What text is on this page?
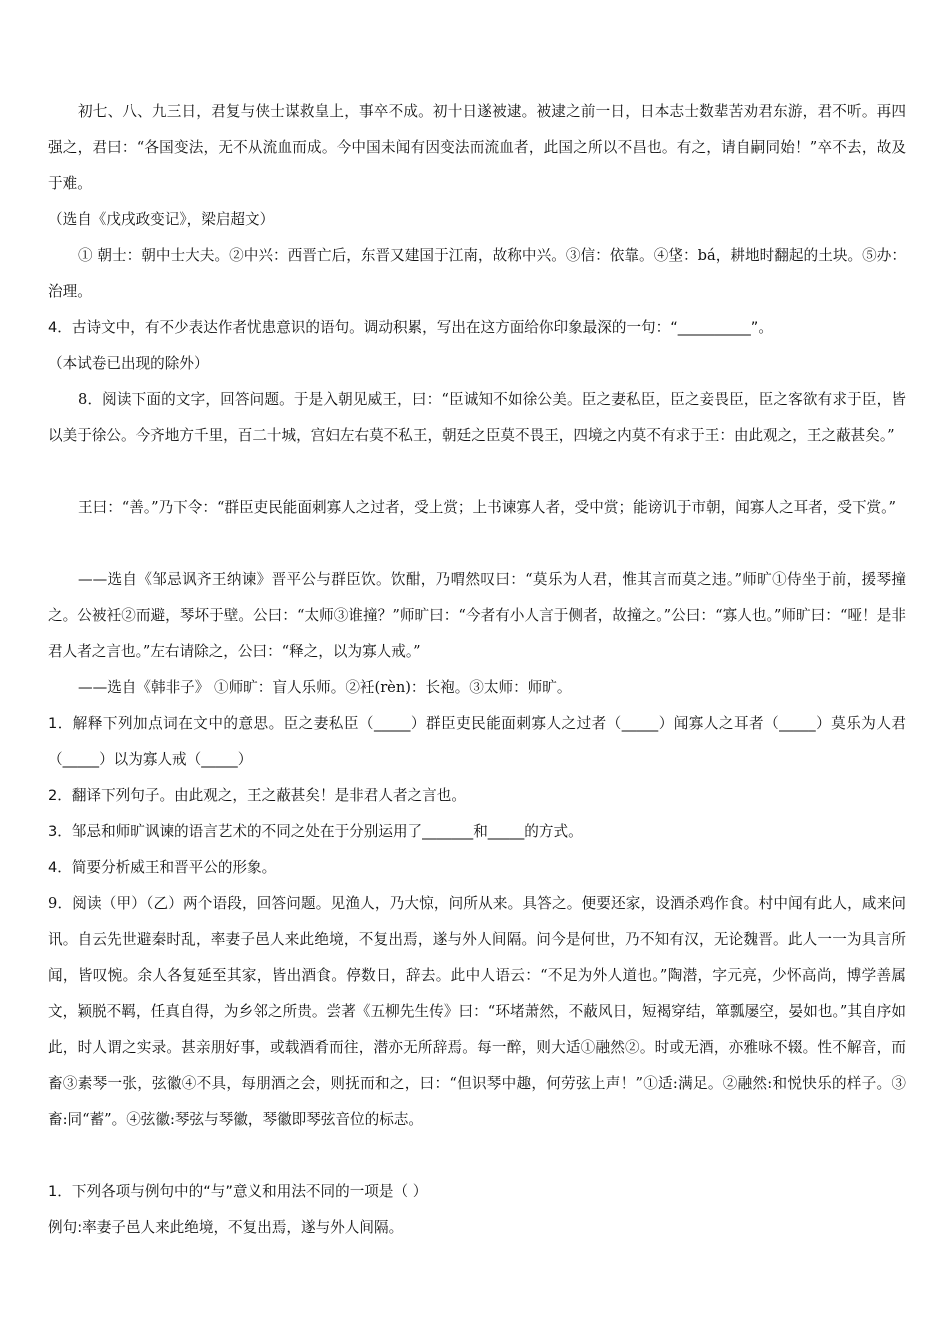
初七、八、九三日，君复与侠士谋救皇上，事卒不成。初十日遂被逮。被逮之前一日，日本志士数辈苦劝君东游，君不听。再四强之，君曰：“各国变法，无不从流血而成。今中国未闻有因变法而流血者，此国之所以不昌也。有之，请自嗣同始！”卒不去，故及于难。

（选自《戊戌政变记》，梁启超文）

① 朝士：朝中士大夫。②中兴：西晋亡后，东晋又建国于江南，故称中兴。③信：依靠。④垡：bá，耕地时翻起的土块。⑤办：治理。

4．古诗文中，有不少表达作者忧患意识的语句。调动积累，写出在这方面给你印象最深的一句：“__________”。

（本试卷已出现的除外）

8．阅读下面的文字，回答问题。于是入朝见威王，曰：“臣诚知不如徐公美。臣之妻私臣，臣之妾畏臣，臣之客欲有求于臣，皆以美于徐公。今齐地方千里，百二十城，宫妇左右莫不私王，朝廷之臣莫不畏王，四境之内莫不有求于王：由此观之，王之蔽甚矣。”

王曰：“善。”乃下令：“群臣吏民能面刺寡人之过者，受上赏；上书谏寡人者，受中赏；能谤讥于市朝，闻寡人之耳者，受下赏。”

——选自《邹忌讽齐王纳谏》晋平公与群臣饮。饮酣，乃喟然叹曰：“莫乐为人君，惟其言而莫之违。”师旷①侍坐于前，援琴撞之。公被衽②而避，琴坏于壁。公曰：“太师③谁撞？”师旷曰：“今者有小人言于侧者，故撞之。”公曰：“寡人也。”师旷曰：“哑！是非君人者之言也。”左右请除之，公曰：“释之，以为寡人戒。”

——选自《韩非子》 ①师旷：盲人乐师。②衽(rèn)：长袍。③太师：师旷。

1．解释下列加点词在文中的意思。臣之妻私臣（_____）群臣吏民能面刺寡人之过者（_____）闻寡人之耳者（_____）莫乐为人君（_____）以为寡人戒（_____）

2．翻译下列句子。由此观之，王之蔽甚矣！是非君人者之言也。

3．邹忌和师旷讽谏的语言艺术的不同之处在于分别运用了_______和_____的方式。

4．简要分析威王和晋平公的形象。

9．阅读（甲）（乙）两个语段，回答问题。见渔人，乃大惊，问所从来。具答之。便要还家，设酒杀鸡作食。村中闻有此人，咸来问讯。自云先世避秦时乱，率妻子邑人来此绝境，不复出焉，遂与外人间隔。问今是何世，乃不知有汉，无论魏晋。此人一一为具言所闻，皆叹惋。余人各复延至其家，皆出酒食。停数日，辞去。此中人语云：“不足为外人道也。”陶潜，字元亮，少怀高尚，博学善属文，颖脱不羁，任真自得，为乡邻之所贵。尝著《五柳先生传》曰：“环堵萧然，不蔽风日，短褐穿结，箪瓢屡空，晏如也。”其自序如此，时人谓之实录。甚亲朋好事，或载酒肴而往，潜亦无所辞焉。每一醉，则大适①融然②。时或无酒，亦雅咏不辍。性不解音，而畜③素琴一张，弦徽④不具，每朋酒之会，则抚而和之，曰：“但识琴中趣，何劳弦上声！”①适:满足。②融然:和悦快乐的样子。③畜:同“蓄”。④弦徽:琴弦与琴徽，琴徽即琴弦音位的标志。

1．下列各项与例句中的“与”意义和用法不同的一项是（ ）

例句:率妻子邑人来此绝境，不复出焉，遂与外人间隔。
